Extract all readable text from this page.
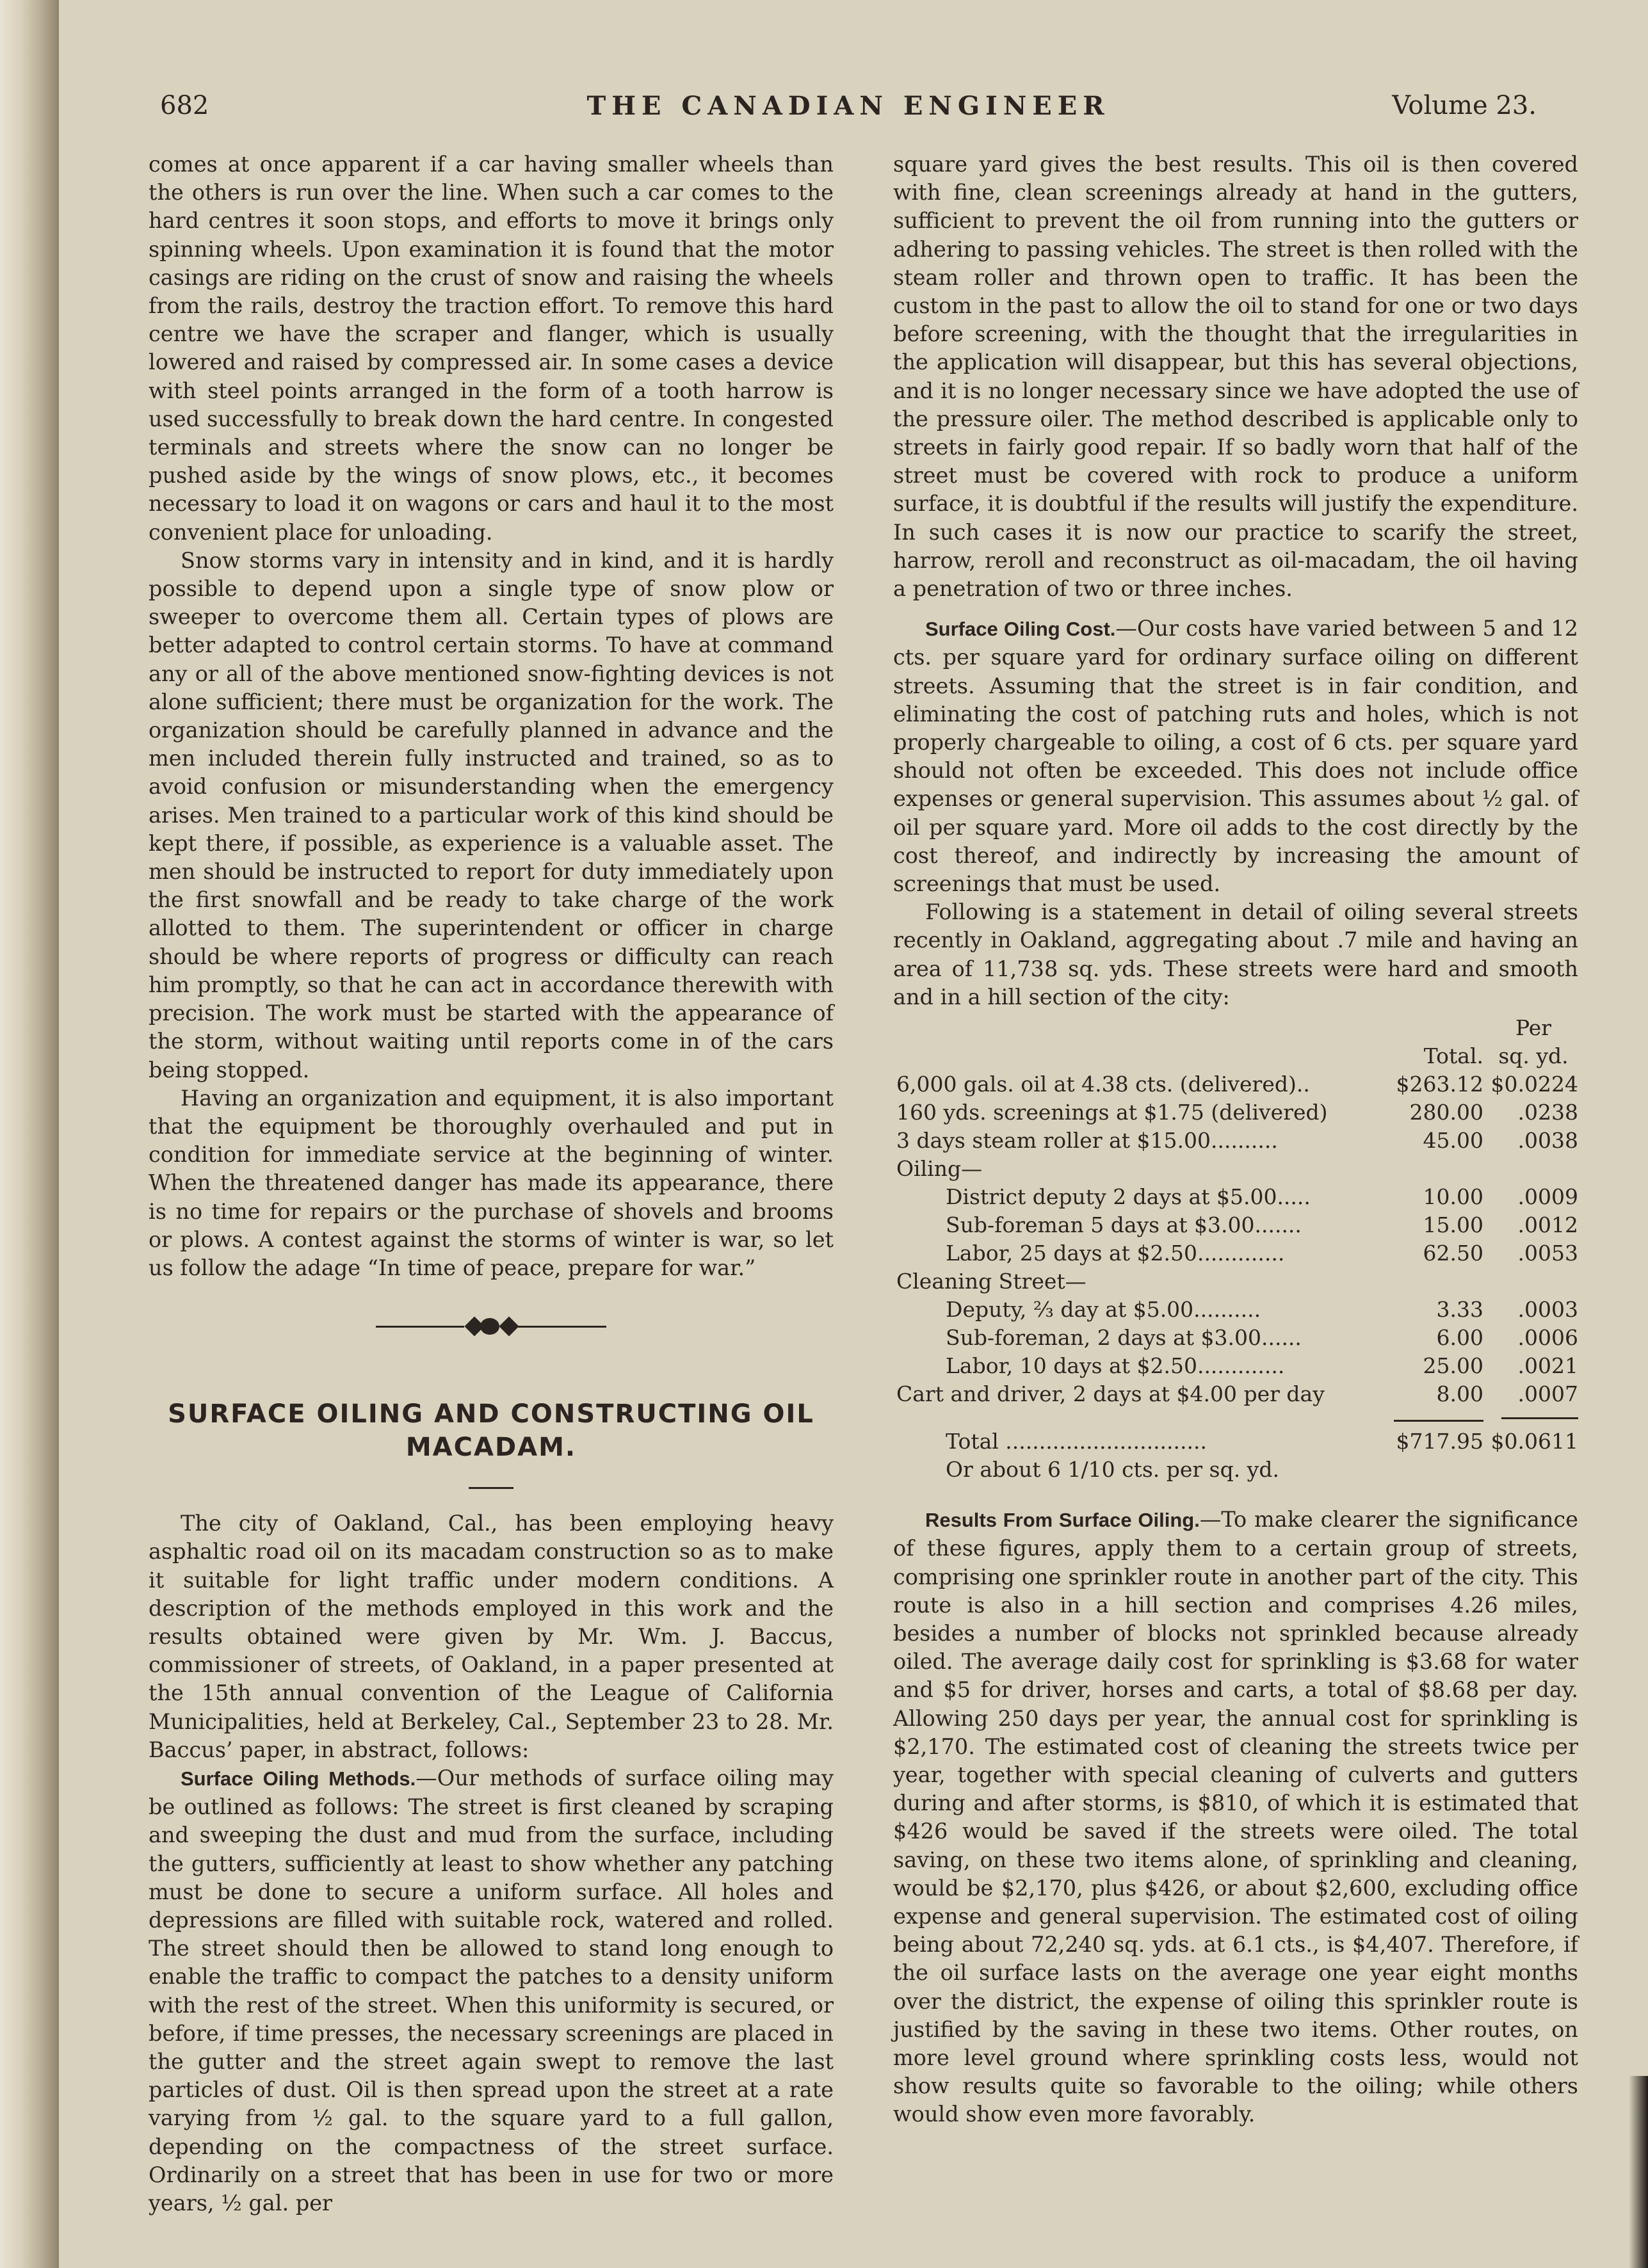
682	THE CANADIAN ENGINEER	Volume 23.

comes at once apparent if a car having smaller wheels than the others is run over the line. When such a car comes to the hard centres it soon stops, and efforts to move it brings only spinning wheels. Upon examination it is found that the motor casings are riding on the crust of snow and raising the wheels from the rails, destroy the traction effort. To remove this hard centre we have the scraper and flanger, which is usually lowered and raised by compressed air. In some cases a device with steel points arranged in the form of a tooth harrow is used successfully to break down the hard centre. In congested terminals and streets where the snow can no longer be pushed aside by the wings of snow plows, etc., it becomes necessary to load it on wagons or cars and haul it to the most convenient place for unloading.

Snow storms vary in intensity and in kind, and it is hardly possible to depend upon a single type of snow plow or sweeper to overcome them all. Certain types of plows are better adapted to control certain storms. To have at command any or all of the above mentioned snow-fighting devices is not alone sufficient; there must be organization for the work. The organization should be carefully planned in advance and the men included therein fully instructed and trained, so as to avoid confusion or misunderstanding when the emergency arises. Men trained to a particular work of this kind should be kept there, if possible, as experience is a valuable asset. The men should be instructed to report for duty immediately upon the first snowfall and be ready to take charge of the work allotted to them. The superintendent or officer in charge should be where reports of progress or difficulty can reach him promptly, so that he can act in accordance therewith with precision. The work must be started with the appearance of the storm, without waiting until reports come in of the cars being stopped.

Having an organization and equipment, it is also important that the equipment be thoroughly overhauled and put in condition for immediate service at the beginning of winter. When the threatened danger has made its appearance, there is no time for repairs or the purchase of shovels and brooms or plows. A contest against the storms of winter is war, so let us follow the adage “In time of peace, prepare for war.”

SURFACE OILING AND CONSTRUCTING OIL MACADAM.

The city of Oakland, Cal., has been employing heavy asphaltic road oil on its macadam construction so as to make it suitable for light traffic under modern conditions. A description of the methods employed in this work and the results obtained were given by Mr. Wm. J. Baccus, commissioner of streets, of Oakland, in a paper presented at the 15th annual convention of the League of California Municipalities, held at Berkeley, Cal., September 23 to 28. Mr. Baccus’ paper, in abstract, follows:

Surface Oiling Methods.—Our methods of surface oiling may be outlined as follows: The street is first cleaned by scraping and sweeping the dust and mud from the surface, including the gutters, sufficiently at least to show whether any patching must be done to secure a uniform surface. All holes and depressions are filled with suitable rock, watered and rolled. The street should then be allowed to stand long enough to enable the traffic to compact the patches to a density uniform with the rest of the street. When this uniformity is secured, or before, if time presses, the necessary screenings are placed in the gutter and the street again swept to remove the last particles of dust. Oil is then spread upon the street at a rate varying from ½ gal. to the square yard to a full gallon, depending on the compactness of the street surface. Ordinarily on a street that has been in use for two or more years, ½ gal. per

square yard gives the best results. This oil is then covered with fine, clean screenings already at hand in the gutters, sufficient to prevent the oil from running into the gutters or adhering to passing vehicles. The street is then rolled with the steam roller and thrown open to traffic. It has been the custom in the past to allow the oil to stand for one or two days before screening, with the thought that the irregularities in the application will disappear, but this has several objections, and it is no longer necessary since we have adopted the use of the pressure oiler. The method described is applicable only to streets in fairly good repair. If so badly worn that half of the street must be covered with rock to produce a uniform surface, it is doubtful if the results will justify the expenditure. In such cases it is now our practice to scarify the street, harrow, reroll and reconstruct as oil-macadam, the oil having a penetration of two or three inches.

Surface Oiling Cost.—Our costs have varied between 5 and 12 cts. per square yard for ordinary surface oiling on different streets. Assuming that the street is in fair condition, and eliminating the cost of patching ruts and holes, which is not properly chargeable to oiling, a cost of 6 cts. per square yard should not often be exceeded. This does not include office expenses or general supervision. This assumes about ½ gal. of oil per square yard. More oil adds to the cost directly by the cost thereof, and indirectly by increasing the amount of screenings that must be used.

Following is a statement in detail of oiling several streets recently in Oakland, aggregating about .7 mile and having an area of 11,738 sq. yds. These streets were hard and smooth and in a hill section of the city:

Per
Total. sq. yd.
6,000 gals. oil at 4.38 cts. (delivered)..	$263.12 $0.0224
160 yds. screenings at $1.75 (delivered)	280.00	.0238
3 days steam roller at $15.00..........	45.00	.0038
Oiling—
District deputy 2 days at $5.00.....	10.00	.0009
Sub-foreman 5 days at $3.00.......	15.00	.0012
Labor, 25 days at $2.50.............	62.50	.0053
Cleaning Street—
Deputy, ⅔ day at $5.00..........	3.33	.0003
Sub-foreman, 2 days at $3.00......	6.00	.0006
Labor, 10 days at $2.50.............	25.00	.0021
Cart and driver, 2 days at $4.00 per day	8.00	.0007
Total ..............................	$717.95 $0.0611
Or about 6 1/10 cts. per sq. yd.

Results From Surface Oiling.—To make clearer the significance of these figures, apply them to a certain group of streets, comprising one sprinkler route in another part of the city. This route is also in a hill section and comprises 4.26 miles, besides a number of blocks not sprinkled because already oiled. The average daily cost for sprinkling is $3.68 for water and $5 for driver, horses and carts, a total of $8.68 per day. Allowing 250 days per year, the annual cost for sprinkling is $2,170. The estimated cost of cleaning the streets twice per year, together with special cleaning of culverts and gutters during and after storms, is $810, of which it is estimated that $426 would be saved if the streets were oiled. The total saving, on these two items alone, of sprinkling and cleaning, would be $2,170, plus $426, or about $2,600, excluding office expense and general supervision. The estimated cost of oiling being about 72,240 sq. yds. at 6.1 cts., is $4,407. Therefore, if the oil surface lasts on the average one year eight months over the district, the expense of oiling this sprinkler route is justified by the saving in these two items. Other routes, on more level ground where sprinkling costs less, would not show results quite so favorable to the oiling; while others would show even more favorably.
